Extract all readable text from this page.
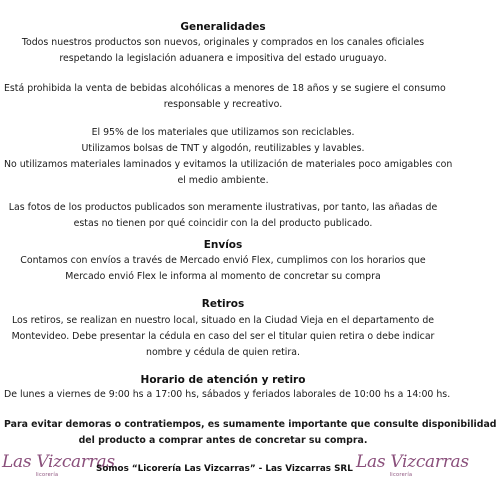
Generalidades
Todos nuestros productos son nuevos, originales y comprados en los canales oficiales
respetando la legislación aduanera e impositiva del estado uruguayo.
Está prohibida la venta de bebidas alcohólicas a menores de 18 años y se sugiere el consumo
responsable y recreativo.
El 95% de los materiales que utilizamos son reciclables.
Utilizamos bolsas de TNT y algodón, reutilizables y lavables.
No utilizamos materiales laminados y evitamos la utilización de materiales poco amigables con
el medio ambiente.
Las fotos de los productos publicados son meramente ilustrativas, por tanto, las añadas de
estas no tienen por qué coincidir con la del producto publicado.
Envíos
Contamos con envíos a través de Mercado envió Flex, cumplimos con los horarios que
Mercado envió Flex le informa al momento de concretar su compra
Retiros
Los retiros, se realizan en nuestro local, situado en la Ciudad Vieja en el departamento de
Montevideo. Debe presentar la cédula en caso del ser el titular quien retira o debe indicar
nombre y cédula de quien retira.
Horario de atención y retiro
De lunes a viernes de 9:00 hs a 17:00 hs, sábados y feriados laborales de 10:00 hs a 14:00 hs.
Para evitar demoras o contratiempos, es sumamente importante que consulte disponibilidad
del producto a comprar antes de concretar su compra.
Las Vizcarras
licorería
Somos “Licorería Las Vizcarras” - Las Vizcarras SRL Las Vizcarras
licorería
